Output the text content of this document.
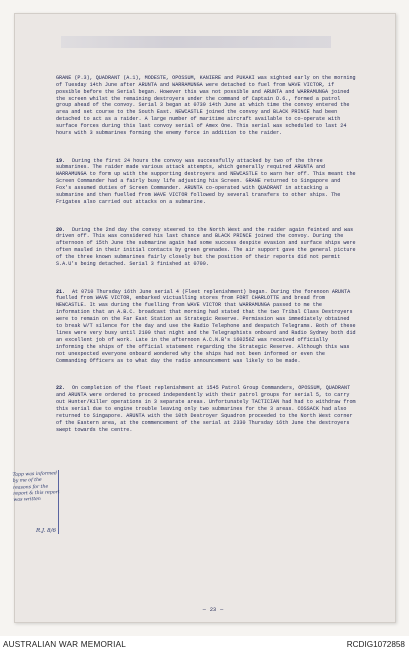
GRANE (P.3), QUADRANT (A.1), MODESTE, OPOSSUM, KANIERE and PUKAKI was sighted early on the morning of Tuesday 14th June after ARUNTA and WARRAMUNGA were detached to fuel from WAVE VICTOR, if possible before the Serial began. However this was not possible and ARUNTA and WARRAMUNGA joined the screen whilst the remaining destroyers under the command of Captain D.6., formed a patrol group ahead of the convoy. Serial 3 began at 0730 14th June at which time the convoy entered the area and set course to the South East. NEWCASTLE joined the convoy and BLACK PRINCE had been detached to act as a raider. A large number of maritime aircraft available to co-operate with surface forces during this last convoy serial of Amex One. This serial was scheduled to last 24 hours with 3 submarines forming the enemy force in addition to the raider.

19. During the first 24 hours the convoy was successfully attacked by two of the three submarines. The raider made various attack attempts, which generally required ARUNTA and WARRAMUNGA to form up with the supporting destroyers and NEWCASTLE to warn her off. This meant the Screen Commander had a fairly busy life adjusting his Screen. GRANE returned to Singapore and Fox's assumed duties of Screen Commander. ARUNTA co-operated with QUADRANT in attacking a submarine and then fuelled from WAVE VICTOR followed by several transfers to other ships. The Frigates also carried out attacks on a submarine.

20. During the 2nd day the convoy steered to the North West and the raider again feinted and was driven off. This was considered his last chance and BLACK PRINCE joined the convoy. During the afternoon of 15th June the submarine again had some success despite evasion and surface ships were often mauled in their initial contacts by green grenades. The air support gave the general picture of the three known submarines fairly closely but the position of their reports did not permit S.A.U's being detached. Serial 3 finished at 0700.

21. At 0710 Thursday 16th June serial 4 (Fleet replenishment) began. During the forenoon ARUNTA fuelled from WAVE VICTOR, embarked victualling stores from FORT CHARLOTTE and bread from NEWCASTLE. It was during the fuelling from WAVE VICTOR that WARRAMUNGA passed to me the information that an A.B.C. broadcast that morning had stated that the two Tribal Class Destroyers were to remain on the Far East Station as Strategic Reserve. Permission was immediately obtained to break W/T silence for the day and use the Radio Telephone and despatch Telegrams. Both of these lines were very busy until 2100 that night and the Telegraphists onboard and Radio Sydney both did an excellent job of work. Late in the afternoon A.C.N.B's 160256Z was received officially informing the ships of the official statement regarding the Strategic Reserve. Although this was not unexpected everyone onboard wondered why the ships had not been informed or even the Commanding Officers as to what day the radio announcement was likely to be made.

22. On completion of the fleet replenishment at 1545 Patrol Group Commanders, OPOSSUM, QUADRANT and ARUNTA were ordered to proceed independently with their patrol groups for serial 5, to carry out Hunter/Killer operations in 3 separate areas. Unfortunately TACTICIAN had had to withdraw from this serial due to engine trouble leaving only two submarines for the 3 areas. COSSACK had also returned to Singapore. ARUNTA with the 10th Destroyer Squadron proceeded to the North West corner of the Eastern area, at the commencement of the serial at 2330 Thursday 16th June the destroyers swept towards the centre.

— 23 —
Tapp was informed by me of the reasons for the report & this report was written
R.J. 8/6
AUSTRALIAN WAR MEMORIAL	RCDIG1072858
